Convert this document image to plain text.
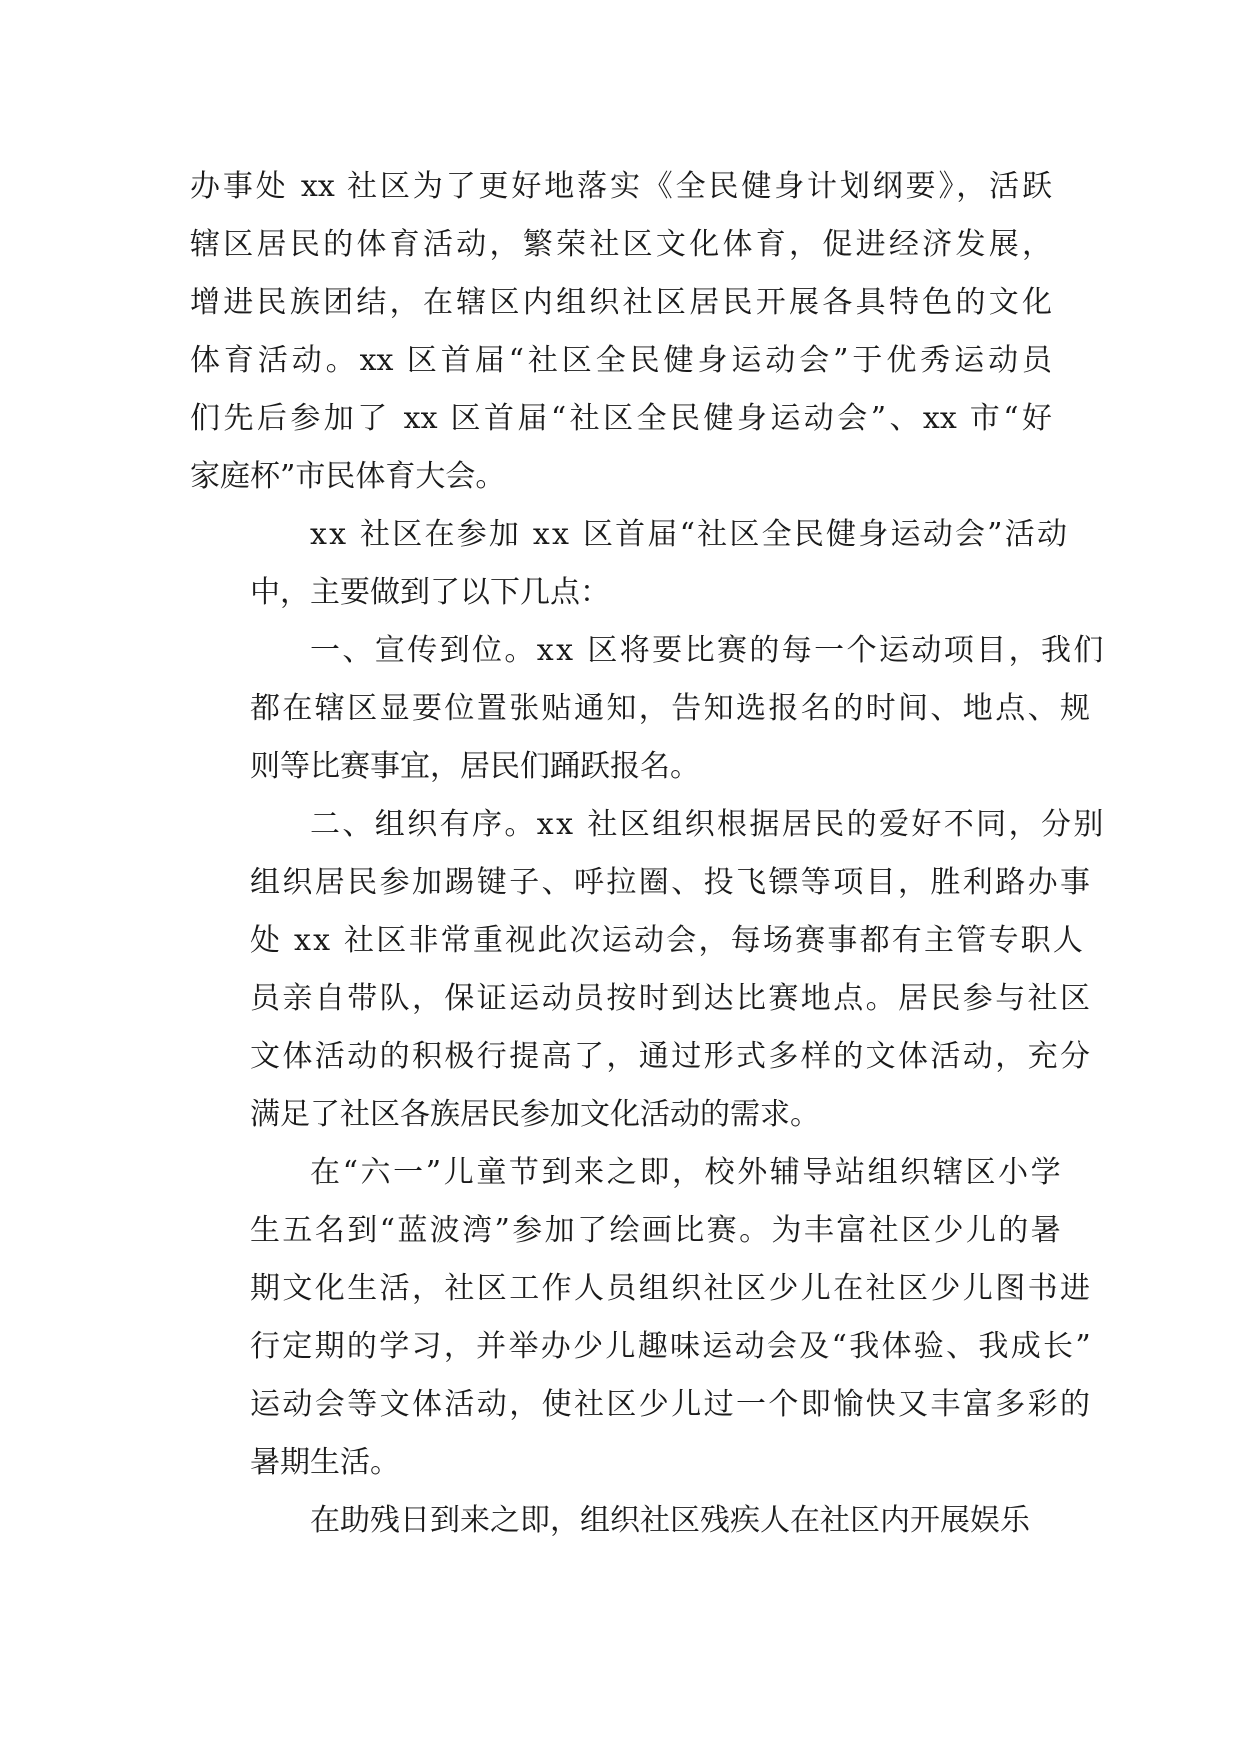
办事处 xx 社区为了更好地落实《全民健身计划纲要》，活跃
辖区居民的体育活动，繁荣社区文化体育，促进经济发展，
增进民族团结，在辖区内组织社区居民开展各具特色的文化
体育活动。xx 区首届“社区全民健身运动会”于优秀运动员
们先后参加了 xx 区首届“社区全民健身运动会”、xx 市“好
家庭杯”市民体育大会。
xx 社区在参加 xx 区首届“社区全民健身运动会”活动
中，主要做到了以下几点：
一、宣传到位。xx 区将要比赛的每一个运动项目，我们
都在辖区显要位置张贴通知，告知选报名的时间、地点、规
则等比赛事宜，居民们踊跃报名。
二、组织有序。xx 社区组织根据居民的爱好不同，分别
组织居民参加踢键子、呼拉圈、投飞镖等项目，胜利路办事
处 xx 社区非常重视此次运动会，每场赛事都有主管专职人
员亲自带队，保证运动员按时到达比赛地点。居民参与社区
文体活动的积极行提高了，通过形式多样的文体活动，充分
满足了社区各族居民参加文化活动的需求。
在“六一”儿童节到来之即，校外辅导站组织辖区小学
生五名到“蓝波湾”参加了绘画比赛。为丰富社区少儿的暑
期文化生活，社区工作人员组织社区少儿在社区少儿图书进
行定期的学习，并举办少儿趣味运动会及“我体验、我成长”
运动会等文体活动，使社区少儿过一个即愉快又丰富多彩的
暑期生活。
在助残日到来之即，组织社区残疾人在社区内开展娱乐
